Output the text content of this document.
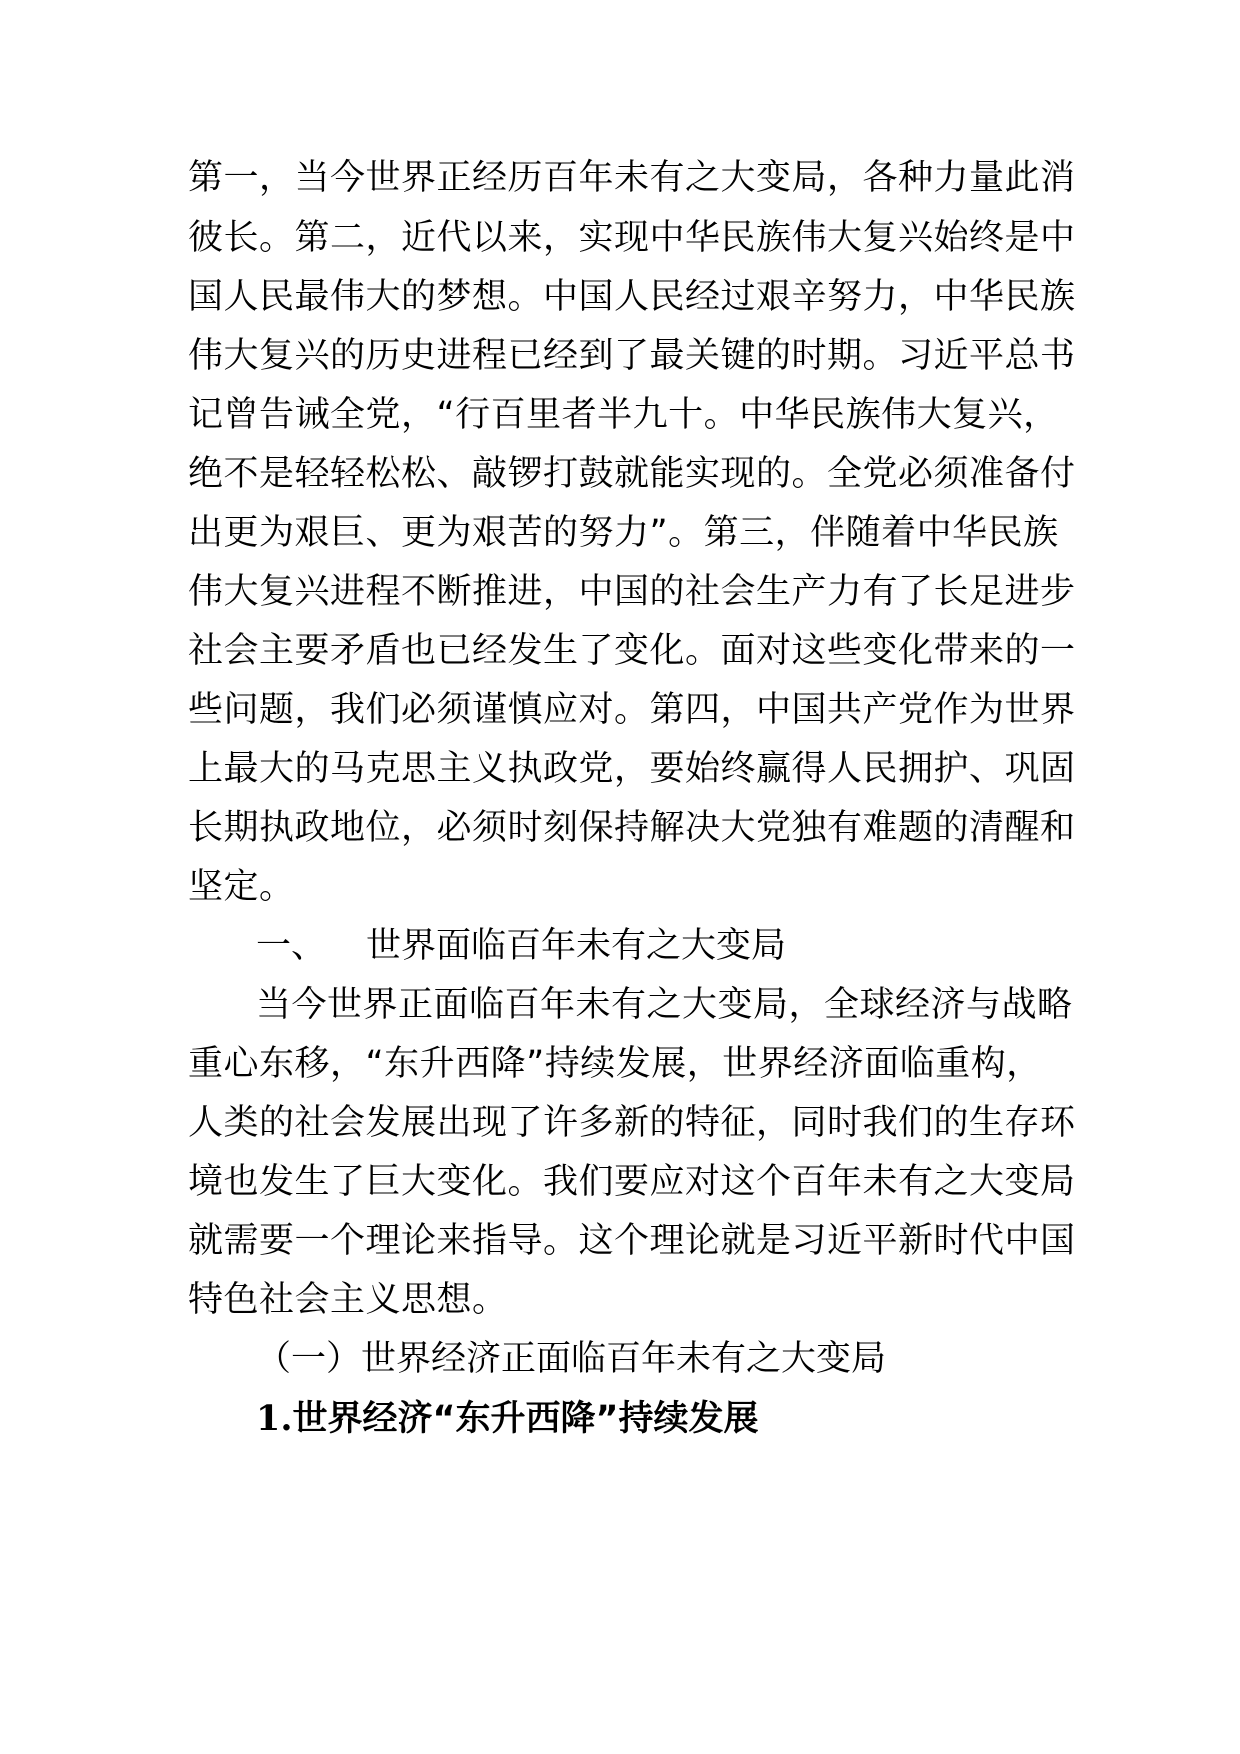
第一，当今世界正经历百年未有之大变局，各种力量此消
彼长。第二，近代以来，实现中华民族伟大复兴始终是中
国人民最伟大的梦想。中国人民经过艰辛努力，中华民族
伟大复兴的历史进程已经到了最关键的时期。习近平总书
记曾告诫全党，“行百里者半九十。中华民族伟大复兴，
绝不是轻轻松松、敲锣打鼓就能实现的。全党必须准备付
出更为艰巨、更为艰苦的努力”。第三，伴随着中华民族
伟大复兴进程不断推进，中国的社会生产力有了长足进步
社会主要矛盾也已经发生了变化。面对这些变化带来的一
些问题，我们必须谨慎应对。第四，中国共产党作为世界
上最大的马克思主义执政党，要始终赢得人民拥护、巩固
长期执政地位，必须时刻保持解决大党独有难题的清醒和
坚定。
一、 世界面临百年未有之大变局
当今世界正面临百年未有之大变局，全球经济与战略
重心东移，“东升西降”持续发展，世界经济面临重构，
人类的社会发展出现了许多新的特征，同时我们的生存环
境也发生了巨大变化。我们要应对这个百年未有之大变局
就需要一个理论来指导。这个理论就是习近平新时代中国
特色社会主义思想。
（一）世界经济正面临百年未有之大变局
1.世界经济“东升西降”持续发展
